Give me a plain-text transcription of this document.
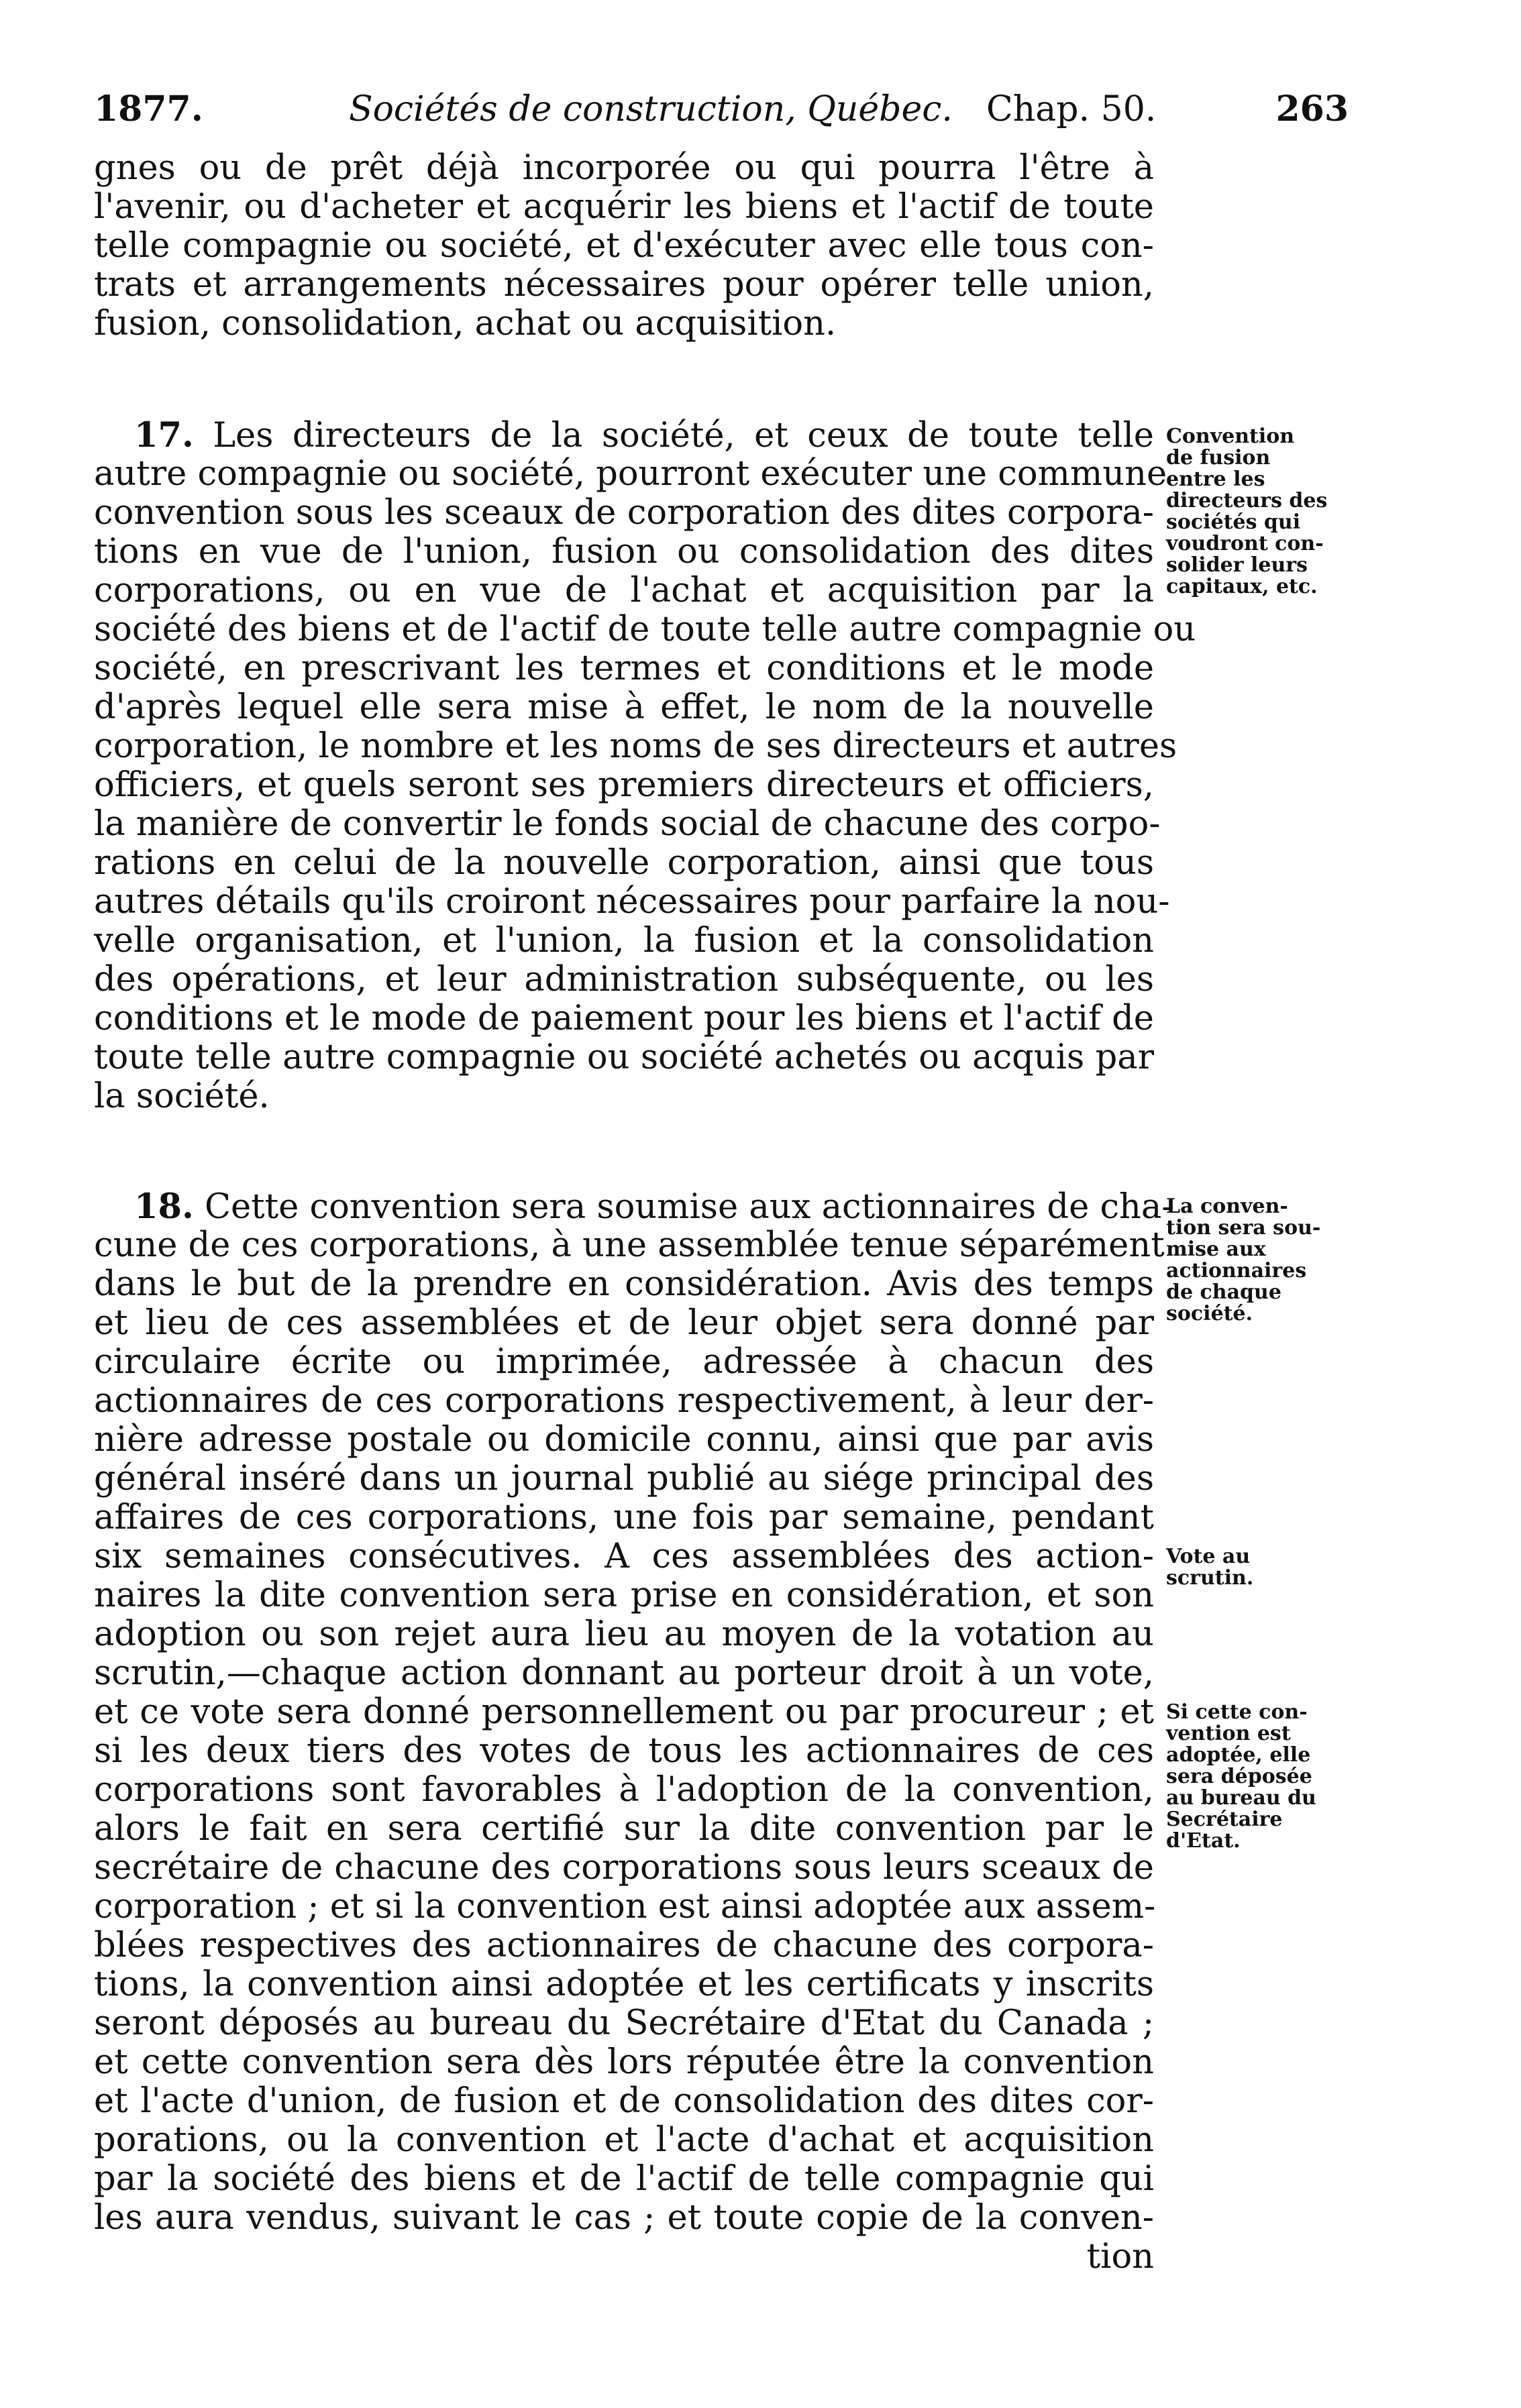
1877.	Sociétés de construction, Québec. Chap. 50.	263
gnes ou de prêt déjà incorporée ou qui pourra l'être à
l'avenir, ou d'acheter et acquérir les biens et l'actif de toute
telle compagnie ou société, et d'exécuter avec elle tous con-
trats et arrangements nécessaires pour opérer telle union,
fusion, consolidation, achat ou acquisition.
17. Les directeurs de la société, et ceux de toute telle
autre compagnie ou société, pourront exécuter une commune
convention sous les sceaux de corporation des dites corpora-
tions en vue de l'union, fusion ou consolidation des dites
corporations, ou en vue de l'achat et acquisition par la
société des biens et de l'actif de toute telle autre compagnie ou
société, en prescrivant les termes et conditions et le mode
d'après lequel elle sera mise à effet, le nom de la nouvelle
corporation, le nombre et les noms de ses directeurs et autres
officiers, et quels seront ses premiers directeurs et officiers,
la manière de convertir le fonds social de chacune des corpo-
rations en celui de la nouvelle corporation, ainsi que tous
autres détails qu'ils croiront nécessaires pour parfaire la nou-
velle organisation, et l'union, la fusion et la consolidation
des opérations, et leur administration subséquente, ou les
conditions et le mode de paiement pour les biens et l'actif de
toute telle autre compagnie ou société achetés ou acquis par
la société.
18. Cette convention sera soumise aux actionnaires de cha-
cune de ces corporations, à une assemblée tenue séparément
dans le but de la prendre en considération. Avis des temps
et lieu de ces assemblées et de leur objet sera donné par
circulaire écrite ou imprimée, adressée à chacun des
actionnaires de ces corporations respectivement, à leur der-
nière adresse postale ou domicile connu, ainsi que par avis
général inséré dans un journal publié au siége principal des
affaires de ces corporations, une fois par semaine, pendant
six semaines consécutives. A ces assemblées des action-
naires la dite convention sera prise en considération, et son
adoption ou son rejet aura lieu au moyen de la votation au
scrutin,—chaque action donnant au porteur droit à un vote,
et ce vote sera donné personnellement ou par procureur ; et
si les deux tiers des votes de tous les actionnaires de ces
corporations sont favorables à l'adoption de la convention,
alors le fait en sera certifié sur la dite convention par le
secrétaire de chacune des corporations sous leurs sceaux de
corporation ; et si la convention est ainsi adoptée aux assem-
blées respectives des actionnaires de chacune des corpora-
tions, la convention ainsi adoptée et les certificats y inscrits
seront déposés au bureau du Secrétaire d'Etat du Canada ;
et cette convention sera dès lors réputée être la convention
et l'acte d'union, de fusion et de consolidation des dites cor-
porations, ou la convention et l'acte d'achat et acquisition
par la société des biens et de l'actif de telle compagnie qui
les aura vendus, suivant le cas ; et toute copie de la conven-
tion
Convention
de fusion
entre les
directeurs des
sociétés qui
voudront con-
solider leurs
capitaux, etc.
La conven-
tion sera sou-
mise aux
actionnaires
de chaque
société.
Vote au
scrutin.
Si cette con-
vention est
adoptée, elle
sera déposée
au bureau du
Secrétaire
d'Etat.
